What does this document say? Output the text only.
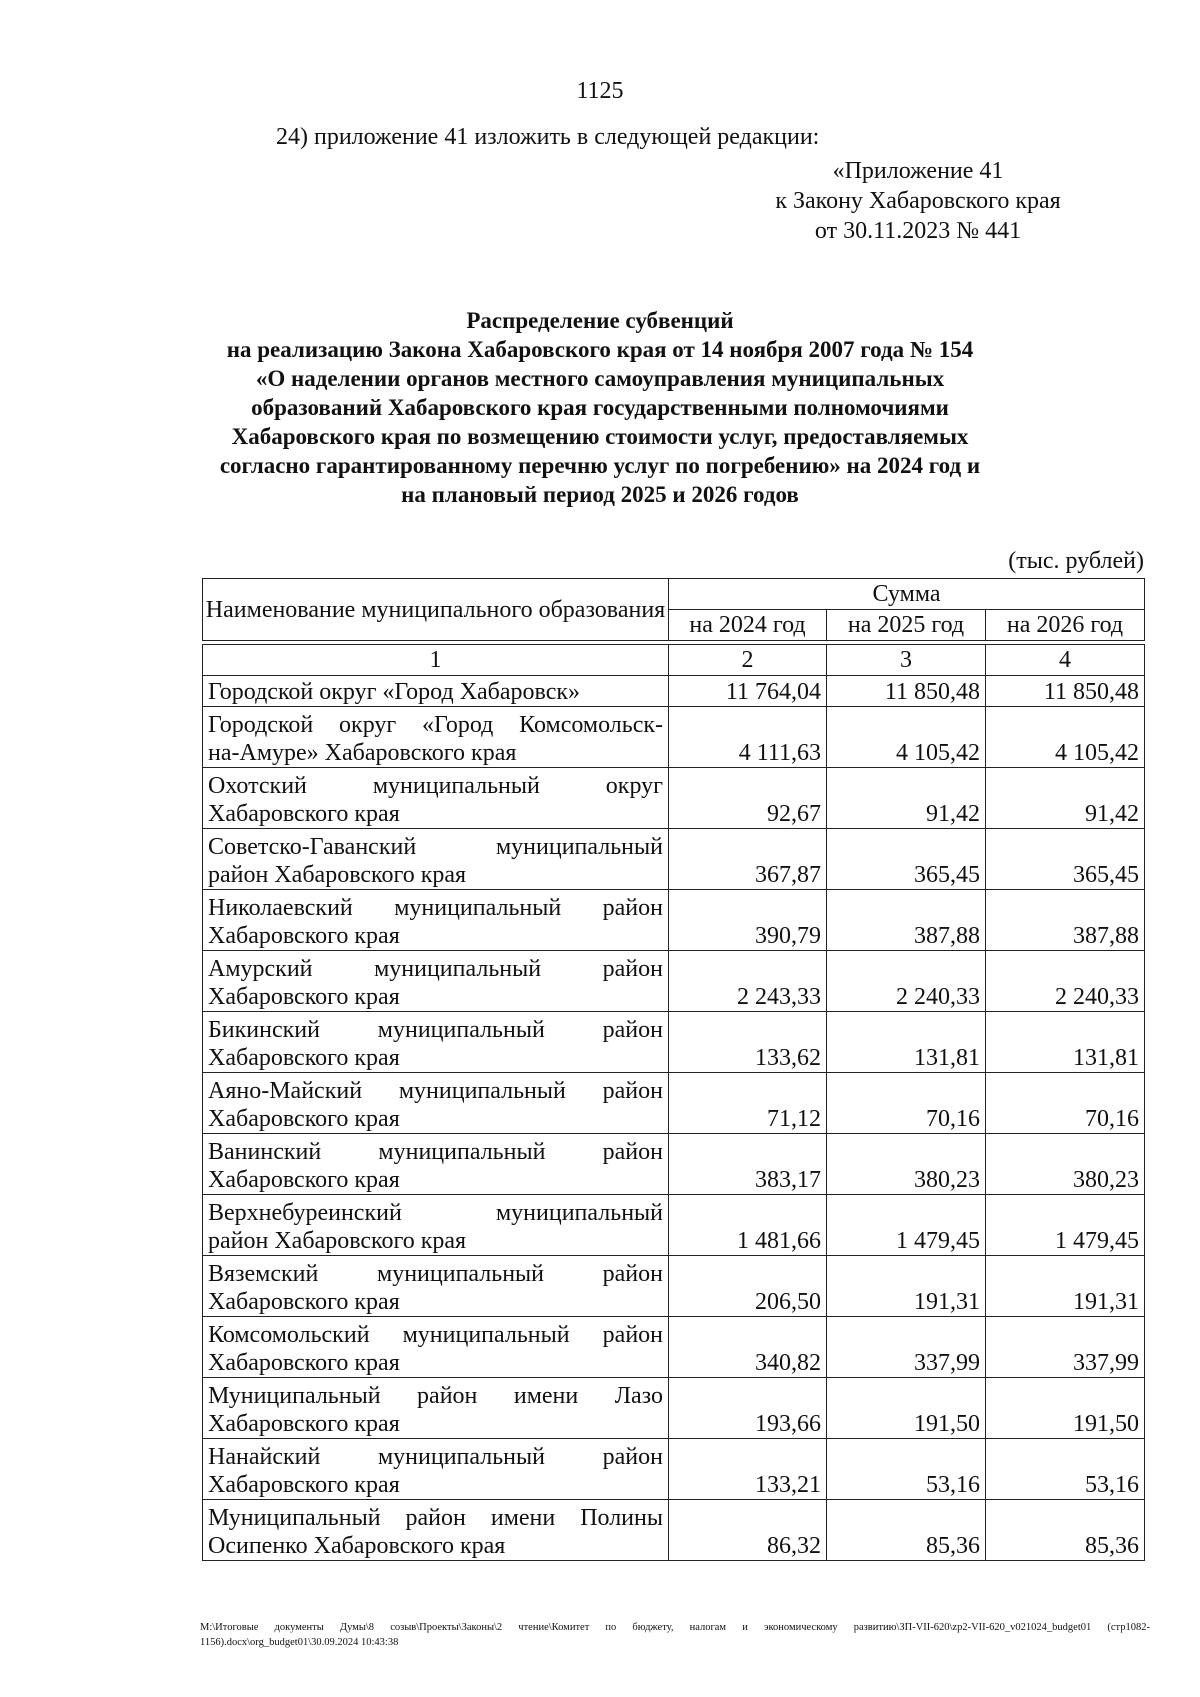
1125
24) приложение 41 изложить в следующей редакции:
«Приложение 41
к Закону Хабаровского края
от 30.11.2023 № 441
Распределение субвенций
на реализацию Закона Хабаровского края от 14 ноября 2007 года № 154
«О наделении органов местного самоуправления муниципальных
образований Хабаровского края государственными полномочиями
Хабаровского края по возмещению стоимости услуг, предоставляемых
согласно гарантированному перечню услуг по погребению» на 2024 год и
на плановый период 2025 и 2026 годов
(тыс. рублей)
Наименование муниципального образования	Сумма		
	на 2024 год	на 2025 год	на 2026 год

1	2	3	4
Городской округ «Город Хабаровск»	11 764,04	11 850,48	11 850,48

Городской округ «Город Комсомольск-
на-Амуре» Хабаровского края	4 111,63	4 105,42	4 105,42

Охотский муниципальный округ
Хабаровского края	92,67	91,42	91,42

Советско-Гаванский муниципальный
район Хабаровского края	367,87	365,45	365,45

Николаевский муниципальный район
Хабаровского края	390,79	387,88	387,88

Амурский муниципальный район
Хабаровского края	2 243,33	2 240,33	2 240,33

Бикинский муниципальный район
Хабаровского края	133,62	131,81	131,81

Аяно-Майский муниципальный район
Хабаровского края	71,12	70,16	70,16

Ванинский муниципальный район
Хабаровского края	383,17	380,23	380,23

Верхнебуреинский муниципальный
район Хабаровского края	1 481,66	1 479,45	1 479,45

Вяземский муниципальный район
Хабаровского края	206,50	191,31	191,31

Комсомольский муниципальный район
Хабаровского края	340,82	337,99	337,99

Муниципальный район имени Лазо
Хабаровского края	193,66	191,50	191,50

Нанайский муниципальный район
Хабаровского края	133,21	53,16	53,16

Муниципальный район имени Полины
Осипенко Хабаровского края	86,32	85,36	85,36
M:\Итоговые документы Думы\8 созыв\Проекты\Законы\2 чтение\Комитет по бюджету, налогам и экономическому развитию\ЗП-VII-620\zp2-VII-620_v021024_budget01 (стр1082-1156).docx\org_budget01\30.09.2024 10:43:38
